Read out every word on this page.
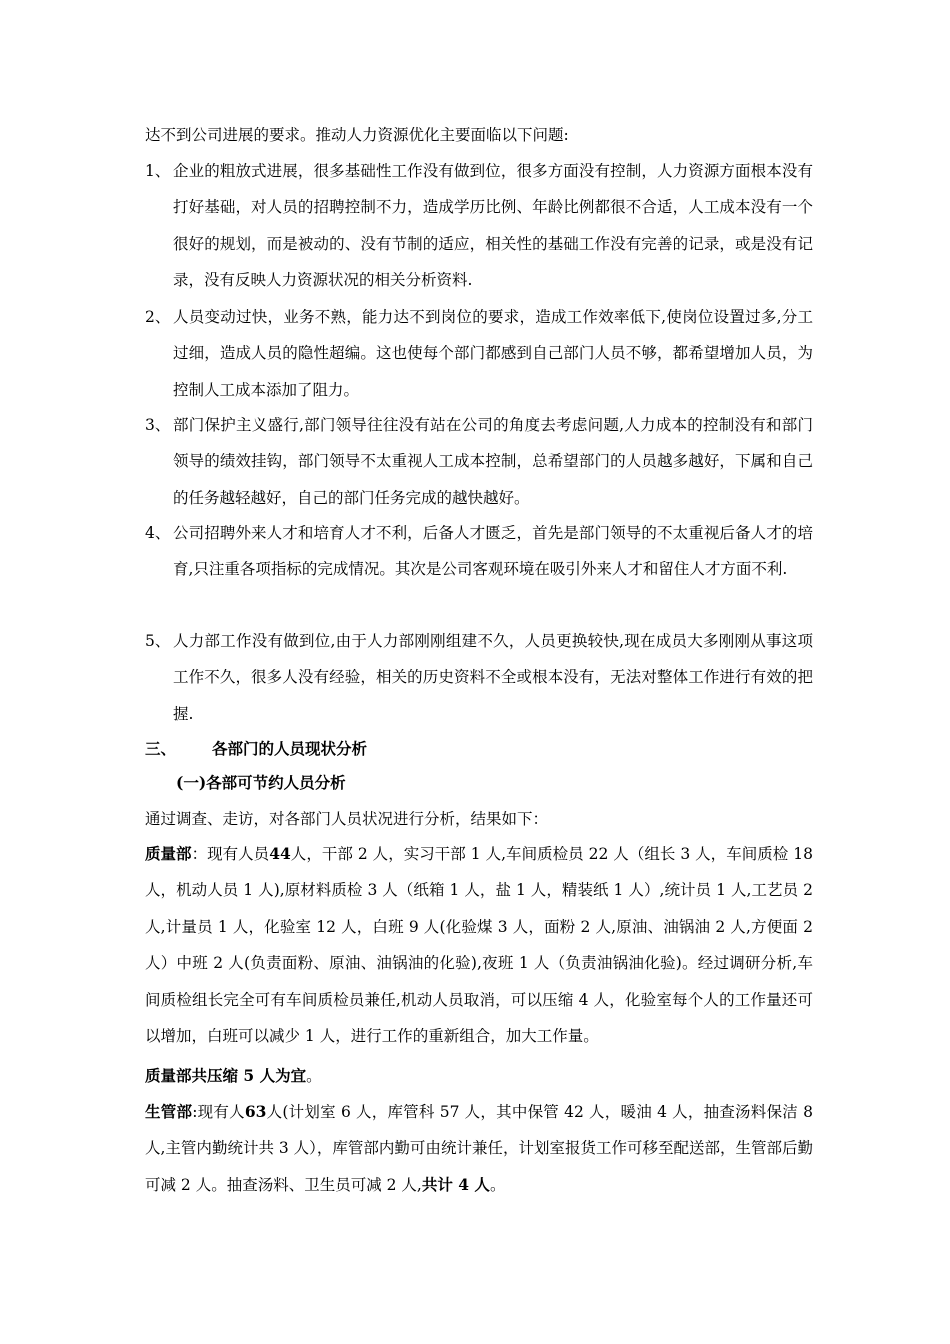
达不到公司进展的要求。推动人力资源优化主要面临以下问题:
1、 企业的粗放式进展，很多基础性工作没有做到位，很多方面没有控制，人力资源方面根本没有打好基础，对人员的招聘控制不力，造成学历比例、年龄比例都很不合适，人工成本没有一个很好的规划，而是被动的、没有节制的适应，相关性的基础工作没有完善的记录，或是没有记录，没有反映人力资源状况的相关分析资料.
2、 人员变动过快，业务不熟，能力达不到岗位的要求，造成工作效率低下,使岗位设置过多,分工过细，造成人员的隐性超编。这也使每个部门都感到自己部门人员不够，都希望增加人员，为控制人工成本添加了阻力。
3、 部门保护主义盛行,部门领导往往没有站在公司的角度去考虑问题,人力成本的控制没有和部门领导的绩效挂钩，部门领导不太重视人工成本控制，总希望部门的人员越多越好，下属和自己的任务越轻越好，自己的部门任务完成的越快越好。
4、 公司招聘外来人才和培育人才不利，后备人才匮乏，首先是部门领导的不太重视后备人才的培育,只注重各项指标的完成情况。其次是公司客观环境在吸引外来人才和留住人才方面不利.
5、 人力部工作没有做到位,由于人力部刚刚组建不久，人员更换较快,现在成员大多刚刚从事这项工作不久，很多人没有经验，相关的历史资料不全或根本没有，无法对整体工作进行有效的把握.
三、 各部门的人员现状分析
(一)各部可节约人员分析
通过调查、走访，对各部门人员状况进行分析，结果如下：
质量部：现有人员44人，干部 2 人，实习干部 1 人,车间质检员 22 人（组长 3 人，车间质检 18 人，机动人员 1 人),原材料质检 3 人（纸箱 1 人，盐 1 人，精装纸 1 人）,统计员 1 人,工艺员 2 人,计量员 1 人，化验室 12 人，白班 9 人(化验煤 3 人，面粉 2 人,原油、油锅油 2 人,方便面 2 人）中班 2 人(负责面粉、原油、油锅油的化验),夜班 1 人（负责油锅油化验)。经过调研分析,车间质检组长完全可有车间质检员兼任,机动人员取消，可以压缩 4 人，化验室每个人的工作量还可以增加，白班可以减少 1 人，进行工作的重新组合，加大工作量。
质量部共压缩 5 人为宜。
生管部:现有人63人(计划室 6 人，库管科 57 人，其中保管 42 人，暖油 4 人，抽查汤料保洁 8 人,主管内勤统计共 3 人），库管部内勤可由统计兼任，计划室报货工作可移至配送部，生管部后勤可减 2 人。抽查汤料、卫生员可减 2 人,共计 4 人。
